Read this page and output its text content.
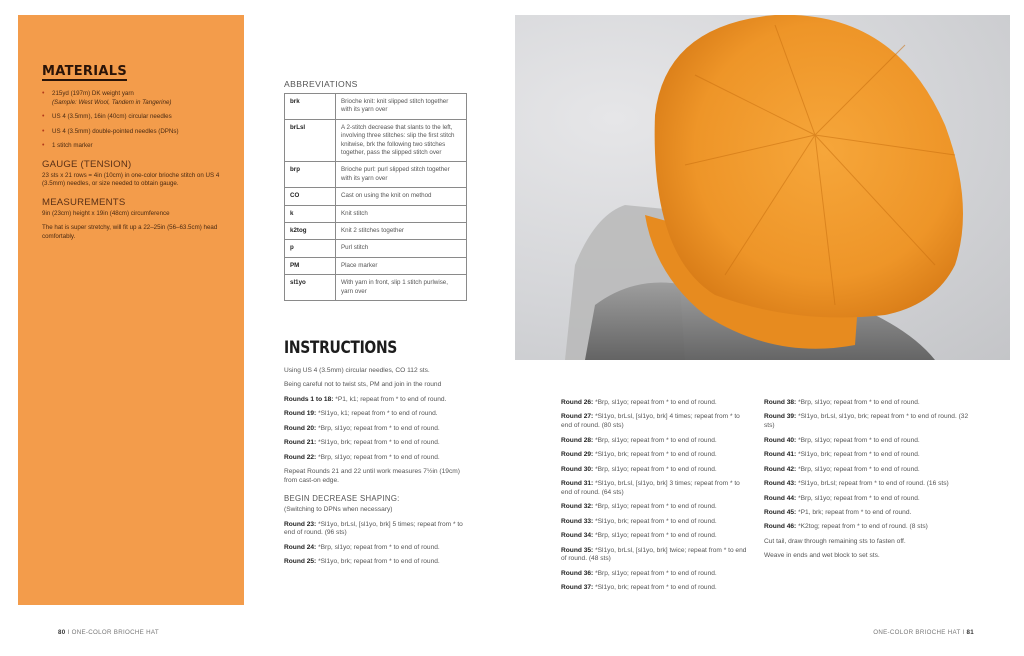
MATERIALS
• 215yd (197m) DK weight yarn
(Sample: West Wool, Tandem in Tangerine)
• US 4 (3.5mm), 16in (40cm) circular needles
• US 4 (3.5mm) double-pointed needles (DPNs)
• 1 stitch marker
GAUGE (TENSION)
23 sts x 21 rows = 4in (10cm) in one-color brioche stitch on US 4 (3.5mm) needles, or size needed to obtain gauge.
MEASUREMENTS
9in (23cm) height x 19in (48cm) circumference
The hat is super stretchy, will fit up a 22–25in (56–63.5cm) head comfortably.
ABBREVIATIONS
brk	Brioche knit: knit slipped stitch together with its yarn over
brLsl	A 2-stitch decrease that slants to the left, involving three stitches: slip the first stitch knitwise, brk the following two stitches together, pass the slipped stitch over
brp	Brioche purl: purl slipped stitch together with its yarn over
CO	Cast on using the knit on method
k	Knit stitch
k2tog	Knit 2 stitches together
p	Purl stitch
PM	Place marker
sl1yo	With yarn in front, slip 1 stitch purlwise, yarn over
INSTRUCTIONS

Using US 4 (3.5mm) circular needles, CO 112 sts.

Being careful not to twist sts, PM and join in the round

Rounds 1 to 18: *P1, k1; repeat from * to end of round.

Round 19: *Sl1yo, k1; repeat from * to end of round.

Round 20: *Brp, sl1yo; repeat from * to end of round.

Round 21: *Sl1yo, brk; repeat from * to end of round.

Round 22: *Brp, sl1yo; repeat from * to end of round.

Repeat Rounds 21 and 22 until work measures 7½in (19cm) from cast-on edge.

BEGIN DECREASE SHAPING:

(Switching to DPNs when necessary)

Round 23: *Sl1yo, brLsl, [sl1yo, brk] 5 times; repeat from * to end of round. (96 sts)

Round 24: *Brp, sl1yo; repeat from * to end of round.

Round 25: *Sl1yo, brk; repeat from * to end of round.

Round 26: *Brp, sl1yo; repeat from * to end of round.

Round 27: *Sl1yo, brLsl, [sl1yo, brk] 4 times; repeat from * to end of round. (80 sts)

Round 28: *Brp, sl1yo; repeat from * to end of round.

Round 29: *Sl1yo, brk; repeat from * to end of round.

Round 30: *Brp, sl1yo; repeat from * to end of round.

Round 31: *Sl1yo, brLsl, [sl1yo, brk] 3 times; repeat from * to end of round. (64 sts)

Round 32: *Brp, sl1yo; repeat from * to end of round.

Round 33: *Sl1yo, brk; repeat from * to end of round.

Round 34: *Brp, sl1yo; repeat from * to end of round.

Round 35: *Sl1yo, brLsl, [sl1yo, brk] twice; repeat from * to end of round. (48 sts)

Round 36: *Brp, sl1yo; repeat from * to end of round.

Round 37: *Sl1yo, brk; repeat from * to end of round.

Round 38: *Brp, sl1yo; repeat from * to end of round.

Round 39: *Sl1yo, brLsl, sl1yo, brk; repeat from * to end of round. (32 sts)

Round 40: *Brp, sl1yo; repeat from * to end of round.

Round 41: *Sl1yo, brk; repeat from * to end of round.

Round 42: *Brp, sl1yo; repeat from * to end of round.

Round 43: *Sl1yo, brLsl; repeat from * to end of round. (16 sts)

Round 44: *Brp, sl1yo; repeat from * to end of round.

Round 45: *P1, brk; repeat from * to end of round.

Round 46: *K2tog; repeat from * to end of round. (8 sts)

Cut tail, draw through remaining sts to fasten off.

Weave in ends and wet block to set sts.

80 I ONE-COLOR BRIOCHE HAT	ONE-COLOR BRIOCHE HAT I 81
